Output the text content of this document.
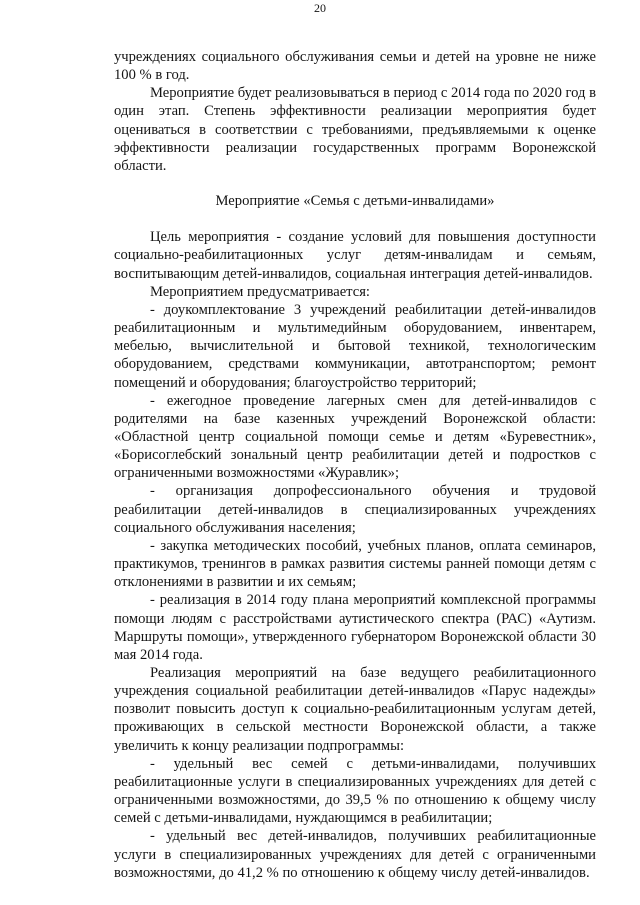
20

учреждениях социального обслуживания семьи и детей на уровне не ниже 100 % в год.

Мероприятие будет реализовываться в период с 2014 года по 2020 год в один этап. Степень эффективности реализации мероприятия будет оцениваться в соответствии с требованиями, предъявляемыми к оценке эффективности реализации государственных программ Воронежской области.

Мероприятие «Семья с детьми-инвалидами»

Цель мероприятия - создание условий для повышения доступности социально-реабилитационных услуг детям-инвалидам и семьям, воспитывающим детей-инвалидов, социальная интеграция детей-инвалидов.

Мероприятием предусматривается:

- доукомплектование 3 учреждений реабилитации детей-инвалидов реабилитационным и мультимедийным оборудованием, инвентарем, мебелью, вычислительной и бытовой техникой, технологическим оборудованием, средствами коммуникации, автотранспортом; ремонт помещений и оборудования; благоустройство территорий;

- ежегодное проведение лагерных смен для детей-инвалидов с родителями на базе казенных учреждений Воронежской области: «Областной центр социальной помощи семье и детям «Буревестник», «Борисоглебский зональный центр реабилитации детей и подростков с ограниченными возможностями «Журавлик»;

- организация допрофессионального обучения и трудовой реабилитации детей-инвалидов в специализированных учреждениях социального обслуживания населения;

- закупка методических пособий, учебных планов, оплата семинаров, практикумов, тренингов в рамках развития системы ранней помощи детям с отклонениями в развитии и их семьям;

- реализация в 2014 году плана мероприятий комплексной программы помощи людям с расстройствами аутистического спектра (РАС) «Аутизм. Маршруты помощи», утвержденного губернатором Воронежской области 30 мая 2014 года.

Реализация мероприятий на базе ведущего реабилитационного учреждения социальной реабилитации детей-инвалидов «Парус надежды» позволит повысить доступ к социально-реабилитационным услугам детей, проживающих в сельской местности Воронежской области, а также увеличить к концу реализации подпрограммы:

- удельный вес семей с детьми-инвалидами, получивших реабилитационные услуги в специализированных учреждениях для детей с ограниченными возможностями, до 39,5 % по отношению к общему числу семей с детьми-инвалидами, нуждающимся в реабилитации;

- удельный вес детей-инвалидов, получивших реабилитационные услуги в специализированных учреждениях для детей с ограниченными возможностями, до 41,2 % по отношению к общему числу детей-инвалидов.
